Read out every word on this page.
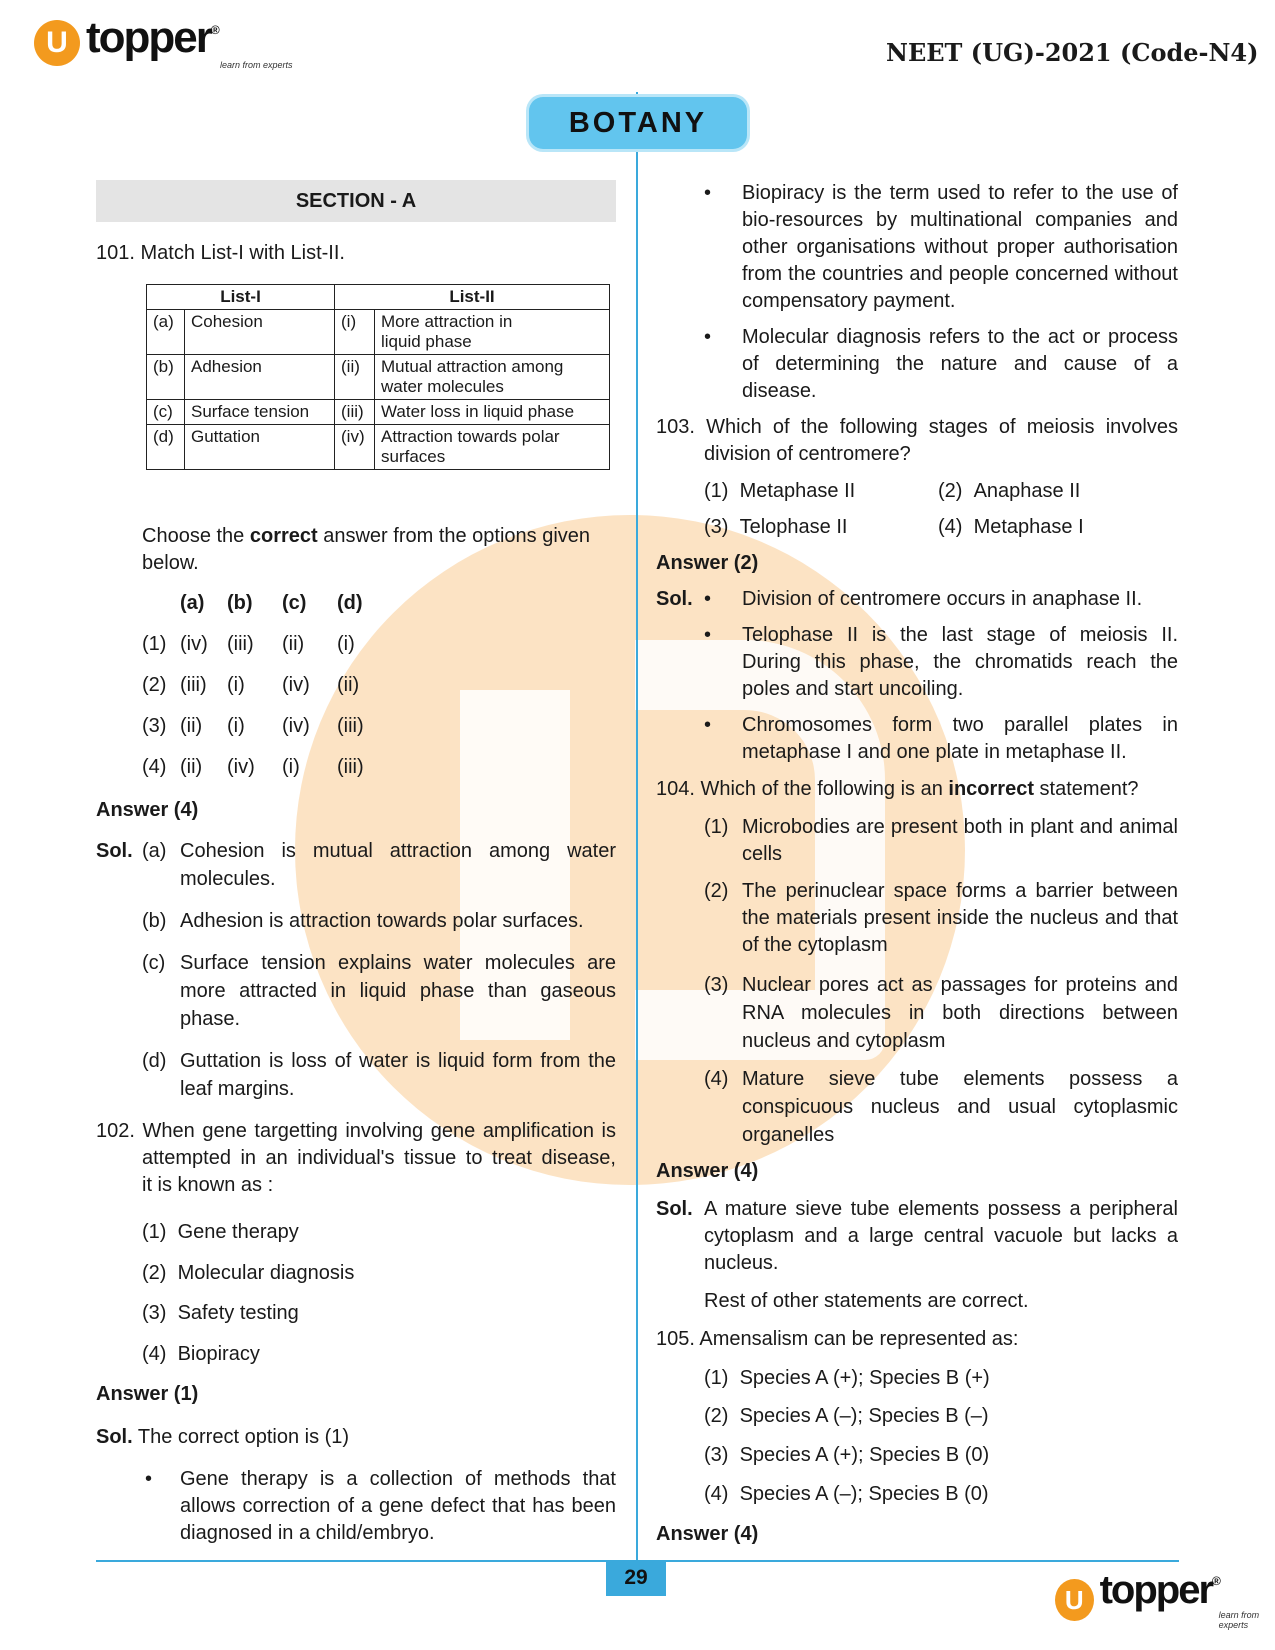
U topper®
learn from experts	NEET (UG)-2021 (Code-N4)
BOTANY
SECTION - A
101. Match List-I with List-II.
List-I		List-II	
(a)	Cohesion	(i)	More attraction in
liquid phase

(b)	Adhesion	(ii)	Mutual attraction among
water molecules

(c)	Surface tension	(iii)	Water loss in liquid phase

(d)	Guttation	(iv)	Attraction towards polar
surfaces
Choose the correct answer from the options given
below.
(a)	(b)	(c)	(d)
(1) (iv) (iii)	(ii)	(i)
(2) (iii)	(i)	(iv)	(ii)
(3) (ii)	(i)	(iv)	(iii)
(4) (ii)	(iv)	(i)	(iii)
Answer (4)
Sol. (a) Cohesion is mutual attraction among water
molecules.
(b) Adhesion is attraction towards polar surfaces.
(c) Surface tension explains water molecules are
more attracted in liquid phase than gaseous
phase.
(d) Guttation is loss of water is liquid form from the
leaf margins.
102. When gene targetting involving gene amplification is
attempted in an individual's tissue to treat disease,
it is known as :
(1) Gene therapy
(2) Molecular diagnosis
(3) Safety testing
(4) Biopiracy
Answer (1)
Sol. The correct option is (1)
• Gene therapy is a collection of methods that
allows correction of a gene defect that has been
diagnosed in a child/embryo.
• Biopiracy is the term used to refer to the use of
bio-resources by multinational companies and
other organisations without proper authorisation
from the countries and people concerned without
compensatory payment.
• Molecular diagnosis refers to the act or process
of determining the nature and cause of a
disease.
103. Which of the following stages of meiosis involves
division of centromere?
(1) Metaphase II	(2) Anaphase II
(3) Telophase II	(4) Metaphase I
Answer (2)
Sol. • Division of centromere occurs in anaphase II.
• Telophase II is the last stage of meiosis II.
During this phase, the chromatids reach the
poles and start uncoiling.
• Chromosomes form two parallel plates in
metaphase I and one plate in metaphase II.
104. Which of the following is an incorrect statement?
(1) Microbodies are present both in plant and animal
cells
(2) The perinuclear space forms a barrier between
the materials present inside the nucleus and that
of the cytoplasm
(3) Nuclear pores act as passages for proteins and
RNA molecules in both directions between
nucleus and cytoplasm
(4) Mature sieve tube elements possess a
conspicuous nucleus and usual cytoplasmic
organelles
Answer (4)
Sol. A mature sieve tube elements possess a peripheral
cytoplasm and a large central vacuole but lacks a
nucleus.
Rest of other statements are correct.
105. Amensalism can be represented as:
(1) Species A (+); Species B (+)
(2) Species A (–); Species B (–)
(3) Species A (+); Species B (0)
(4) Species A (–); Species B (0)
Answer (4)
29
U topper®
learn from experts
